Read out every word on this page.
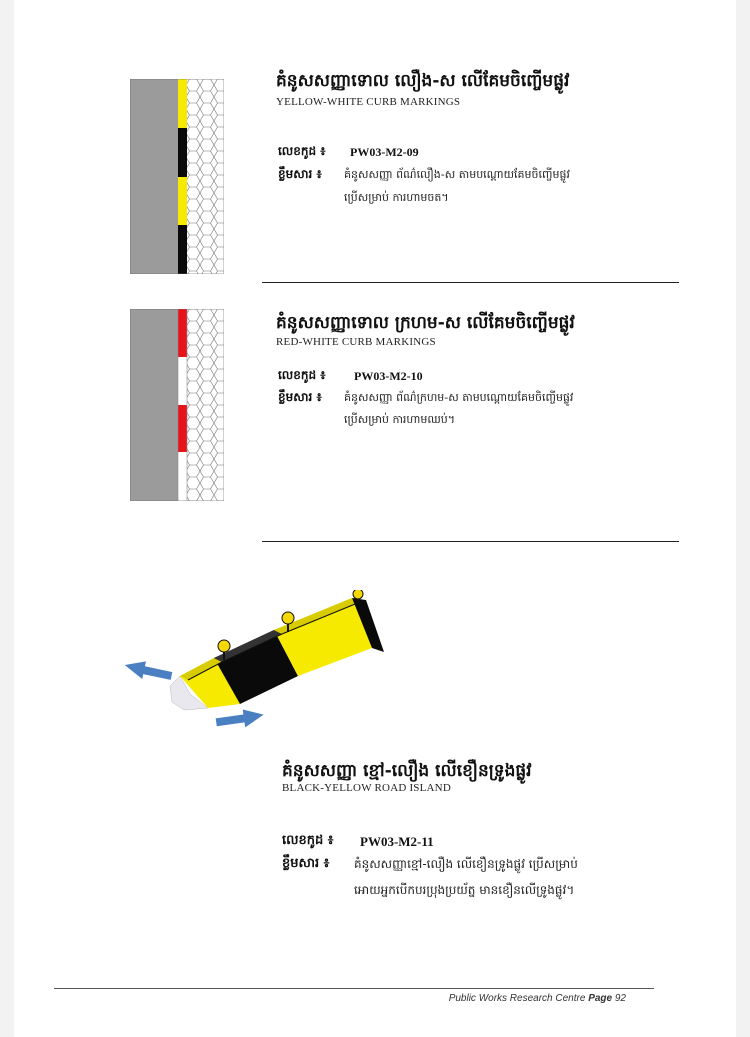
គំនូសសញ្ញាទោល លឿង-ស លើគែមចិញ្ចើមផ្លូវ
YELLOW-WHITE CURB MARKINGS
លេខកូដ ៖ PW03-M2-09
ខ្លឹមសារ ៖ គំនូសសញ្ញា ព័ណ៌លឿង-ស តាមបណ្តោយគែមចិញ្ចើមផ្លូវ
ប្រើសម្រាប់ ការហាមចត។
គំនូសសញ្ញាទោល ក្រហម-ស លើគែមចិញ្ចើមផ្លូវ
RED-WHITE CURB MARKINGS
លេខកូដ ៖ PW03-M2-10
ខ្លឹមសារ ៖ គំនូសសញ្ញា ព័ណ៌ក្រហម-ស តាមបណ្តោយគែមចិញ្ចើមផ្លូវ
ប្រើសម្រាប់ ការហាមឈប់។
គំនូសសញ្ញា ខ្មៅ-លឿង លើខឿនទ្រូងផ្លូវ
BLACK-YELLOW ROAD ISLAND
លេខកូដ ៖ PW03-M2-11
ខ្លឹមសារ ៖ គំនូសសញ្ញាខ្មៅ-លឿង លើខឿនទ្រូងផ្លូវ ប្រើសម្រាប់
អោយអ្នកបើកបរប្រុងប្រយ័ត្ន មានខឿនលើទ្រូងផ្លូវ។
Public Works Research Centre Page 92
